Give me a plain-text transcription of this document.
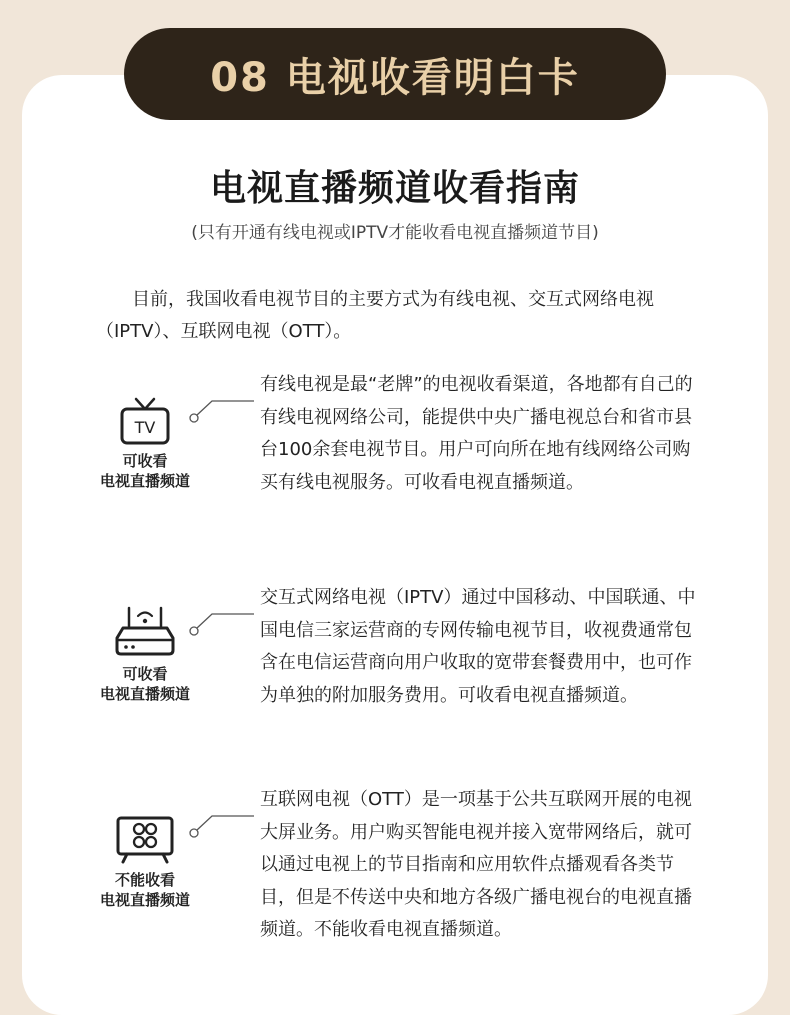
08 电视收看明白卡
电视直播频道收看指南
(只有开通有线电视或IPTV才能收看电视直播频道节目)

目前，我国收看电视节目的主要方式为有线电视、交互式网络电视（IPTV）、互联网电视（OTT）。

TV
可收看
电视直播频道

有线电视是最“老牌”的电视收看渠道，各地都有自己的有线电视网络公司，能提供中央广播电视总台和省市县台100余套电视节目。用户可向所在地有线网络公司购买有线电视服务。可收看电视直播频道。

可收看
电视直播频道

交互式网络电视（IPTV）通过中国移动、中国联通、中国电信三家运营商的专网传输电视节目，收视费通常包含在电信运营商向用户收取的宽带套餐费用中，也可作为单独的附加服务费用。可收看电视直播频道。

不能收看
电视直播频道

互联网电视（OTT）是一项基于公共互联网开展的电视大屏业务。用户购买智能电视并接入宽带网络后，就可以通过电视上的节目指南和应用软件点播观看各类节目，但是不传送中央和地方各级广播电视台的电视直播频道。不能收看电视直播频道。
